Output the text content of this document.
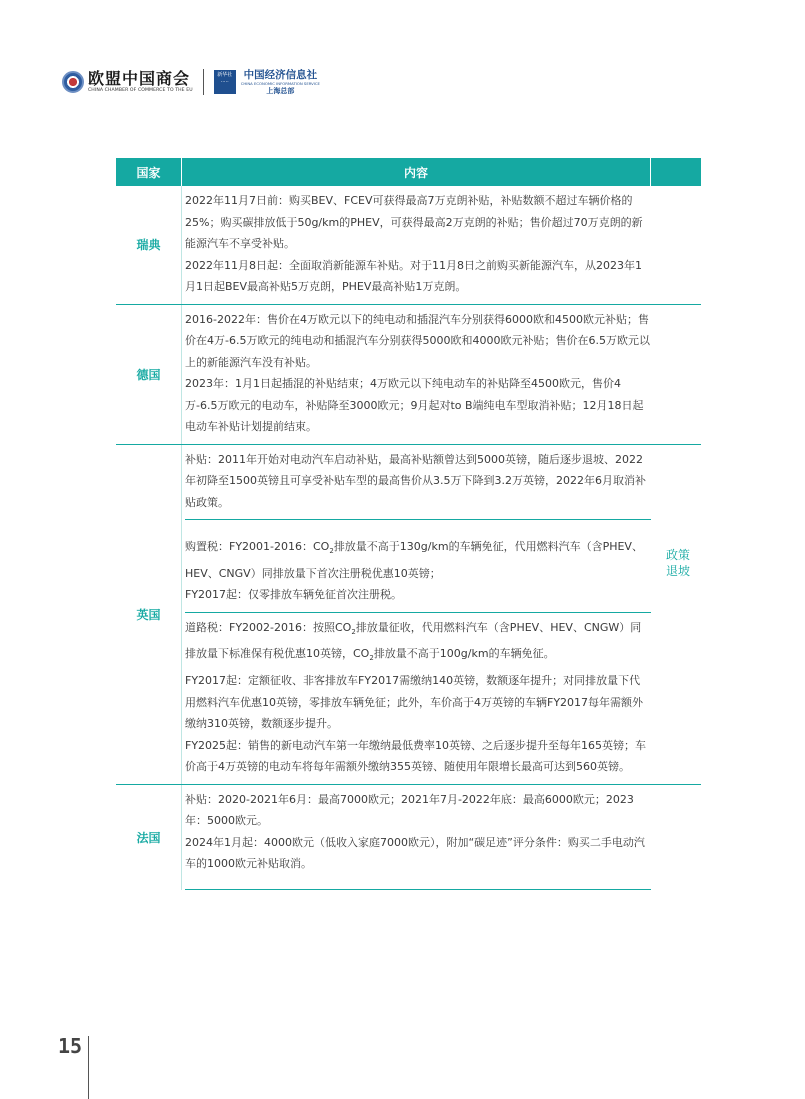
欧盟中国商会
CHINA CHAMBER OF COMMERCE TO THE EU
新华社
·····
中国经济信息社
CHINA ECONOMIC INFORMATION SERVICE
上海总部
国家	内容
瑞典

2022年11月7日前：购买BEV、FCEV可获得最高7万克朗补贴，补贴数额不超过车辆价格的25%；购买碳排放低于50g/km的PHEV，可获得最高2万克朗的补贴；售价超过70万克朗的新能源汽车不享受补贴。

2022年11月8日起：全面取消新能源车补贴。对于11月8日之前购买新能源汽车，从2023年1月1日起BEV最高补贴5万克朗，PHEV最高补贴1万克朗。

德国

2016-2022年：售价在4万欧元以下的纯电动和插混汽车分别获得6000欧和4500欧元补贴；售价在4万-6.5万欧元的纯电动和插混汽车分别获得5000欧和4000欧元补贴；售价在6.5万欧元以上的新能源汽车没有补贴。

2023年：1月1日起插混的补贴结束；4万欧元以下纯电动车的补贴降至4500欧元，售价4万-6.5万欧元的电动车，补贴降至3000欧元；9月起对to B端纯电车型取消补贴；12月18日起电动车补贴计划提前结束。

英国

补贴：2011年开始对电动汽车启动补贴，最高补贴额曾达到5000英镑，随后逐步退坡、2022年初降至1500英镑且可享受补贴车型的最高售价从3.5万下降到3.2万英镑，2022年6月取消补贴政策。

购置税：FY2001-2016：$CO_2$排放量不高于130g/km的车辆免征，代用燃料汽车（含PHEV、HEV、CNGV）同排放量下首次注册税优惠10英镑；

FY2017起：仅零排放车辆免征首次注册税。

道路税：FY2002-2016：按照$CO_2$排放量征收，代用燃料汽车（含PHEV、HEV、CNGW）同排放量下标准保有税优惠10英镑，$CO_2$排放量不高于100g/km的车辆免征。

FY2017起：定额征收、非客排放车FY2017需缴纳140英镑，数额逐年提升；对同排放量下代用燃料汽车优惠10英镑，零排放车辆免征；此外，车价高于4万英镑的车辆FY2017每年需额外缴纳310英镑，数额逐步提升。

FY2025起：销售的新电动汽车第一年缴纳最低费率10英镑、之后逐步提升至每年165英镑；车价高于4万英镑的电动车将每年需额外缴纳355英镑、随使用年限增长最高可达到560英镑。

法国

补贴：2020-2021年6月：最高7000欧元；2021年7月-2022年底：最高6000欧元；2023年：5000欧元。

2024年1月起：4000欧元（低收入家庭7000欧元），附加“碳足迹”评分条件：购买二手电动汽车的1000欧元补贴取消。

政策退坡
15
